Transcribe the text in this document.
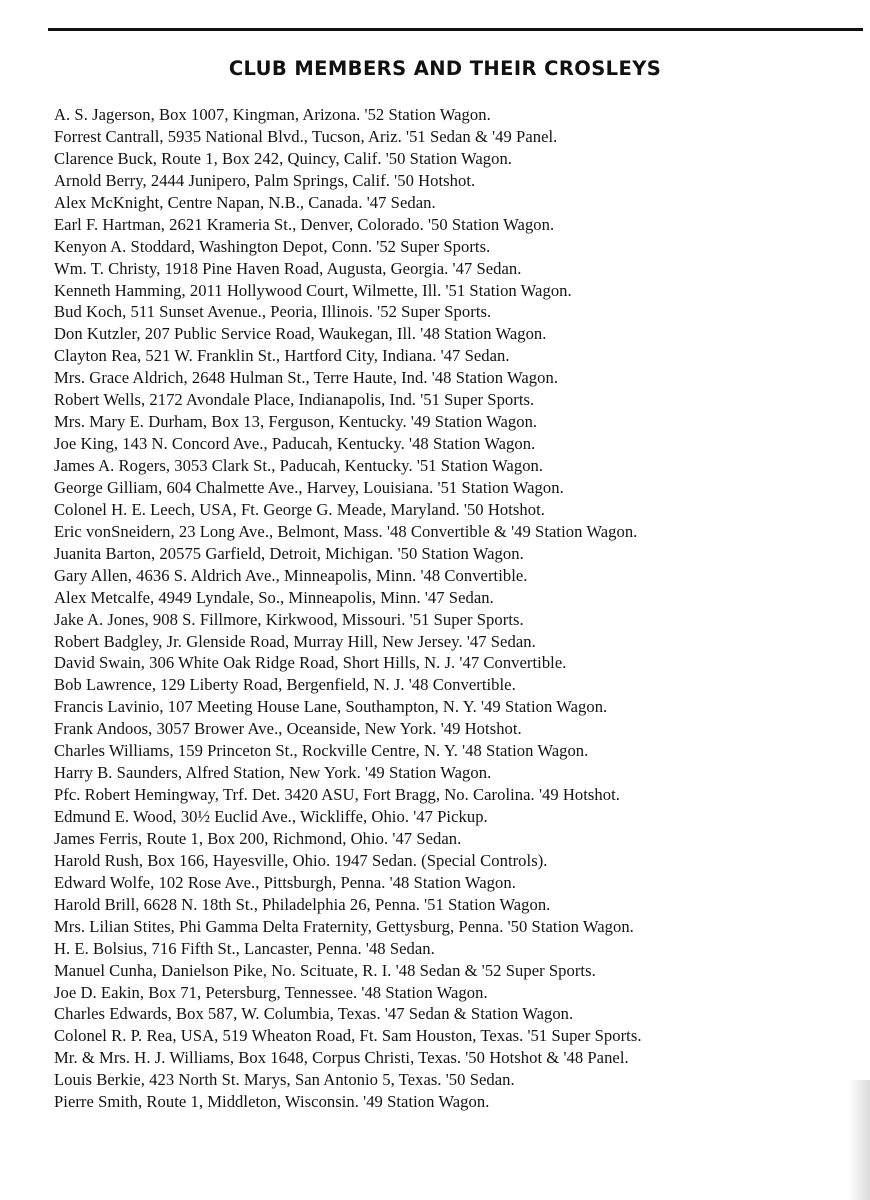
CLUB MEMBERS AND THEIR CROSLEYS
A. S. Jagerson, Box 1007, Kingman, Arizona. '52 Station Wagon.
Forrest Cantrall, 5935 National Blvd., Tucson, Ariz. '51 Sedan & '49 Panel.
Clarence Buck, Route 1, Box 242, Quincy, Calif. '50 Station Wagon.
Arnold Berry, 2444 Junipero, Palm Springs, Calif. '50 Hotshot.
Alex McKnight, Centre Napan, N.B., Canada. '47 Sedan.
Earl F. Hartman, 2621 Krameria St., Denver, Colorado. '50 Station Wagon.
Kenyon A. Stoddard, Washington Depot, Conn. '52 Super Sports.
Wm. T. Christy, 1918 Pine Haven Road, Augusta, Georgia. '47 Sedan.
Kenneth Hamming, 2011 Hollywood Court, Wilmette, Ill. '51 Station Wagon.
Bud Koch, 511 Sunset Avenue., Peoria, Illinois. '52 Super Sports.
Don Kutzler, 207 Public Service Road, Waukegan, Ill. '48 Station Wagon.
Clayton Rea, 521 W. Franklin St., Hartford City, Indiana. '47 Sedan.
Mrs. Grace Aldrich, 2648 Hulman St., Terre Haute, Ind. '48 Station Wagon.
Robert Wells, 2172 Avondale Place, Indianapolis, Ind. '51 Super Sports.
Mrs. Mary E. Durham, Box 13, Ferguson, Kentucky. '49 Station Wagon.
Joe King, 143 N. Concord Ave., Paducah, Kentucky. '48 Station Wagon.
James A. Rogers, 3053 Clark St., Paducah, Kentucky. '51 Station Wagon.
George Gilliam, 604 Chalmette Ave., Harvey, Louisiana. '51 Station Wagon.
Colonel H. E. Leech, USA, Ft. George G. Meade, Maryland. '50 Hotshot.
Eric vonSneidern, 23 Long Ave., Belmont, Mass. '48 Convertible & '49 Station Wagon.
Juanita Barton, 20575 Garfield, Detroit, Michigan. '50 Station Wagon.
Gary Allen, 4636 S. Aldrich Ave., Minneapolis, Minn. '48 Convertible.
Alex Metcalfe, 4949 Lyndale, So., Minneapolis, Minn. '47 Sedan.
Jake A. Jones, 908 S. Fillmore, Kirkwood, Missouri. '51 Super Sports.
Robert Badgley, Jr. Glenside Road, Murray Hill, New Jersey. '47 Sedan.
David Swain, 306 White Oak Ridge Road, Short Hills, N. J. '47 Convertible.
Bob Lawrence, 129 Liberty Road, Bergenfield, N. J. '48 Convertible.
Francis Lavinio, 107 Meeting House Lane, Southampton, N. Y. '49 Station Wagon.
Frank Andoos, 3057 Brower Ave., Oceanside, New York. '49 Hotshot.
Charles Williams, 159 Princeton St., Rockville Centre, N. Y. '48 Station Wagon.
Harry B. Saunders, Alfred Station, New York. '49 Station Wagon.
Pfc. Robert Hemingway, Trf. Det. 3420 ASU, Fort Bragg, No. Carolina. '49 Hotshot.
Edmund E. Wood, 30½ Euclid Ave., Wickliffe, Ohio. '47 Pickup.
James Ferris, Route 1, Box 200, Richmond, Ohio. '47 Sedan.
Harold Rush, Box 166, Hayesville, Ohio. 1947 Sedan. (Special Controls).
Edward Wolfe, 102 Rose Ave., Pittsburgh, Penna. '48 Station Wagon.
Harold Brill, 6628 N. 18th St., Philadelphia 26, Penna. '51 Station Wagon.
Mrs. Lilian Stites, Phi Gamma Delta Fraternity, Gettysburg, Penna. '50 Station Wagon.
H. E. Bolsius, 716 Fifth St., Lancaster, Penna. '48 Sedan.
Manuel Cunha, Danielson Pike, No. Scituate, R. I. '48 Sedan & '52 Super Sports.
Joe D. Eakin, Box 71, Petersburg, Tennessee. '48 Station Wagon.
Charles Edwards, Box 587, W. Columbia, Texas. '47 Sedan & Station Wagon.
Colonel R. P. Rea, USA, 519 Wheaton Road, Ft. Sam Houston, Texas. '51 Super Sports.
Mr. & Mrs. H. J. Williams, Box 1648, Corpus Christi, Texas. '50 Hotshot & '48 Panel.
Louis Berkie, 423 North St. Marys, San Antonio 5, Texas. '50 Sedan.
Pierre Smith, Route 1, Middleton, Wisconsin. '49 Station Wagon.
